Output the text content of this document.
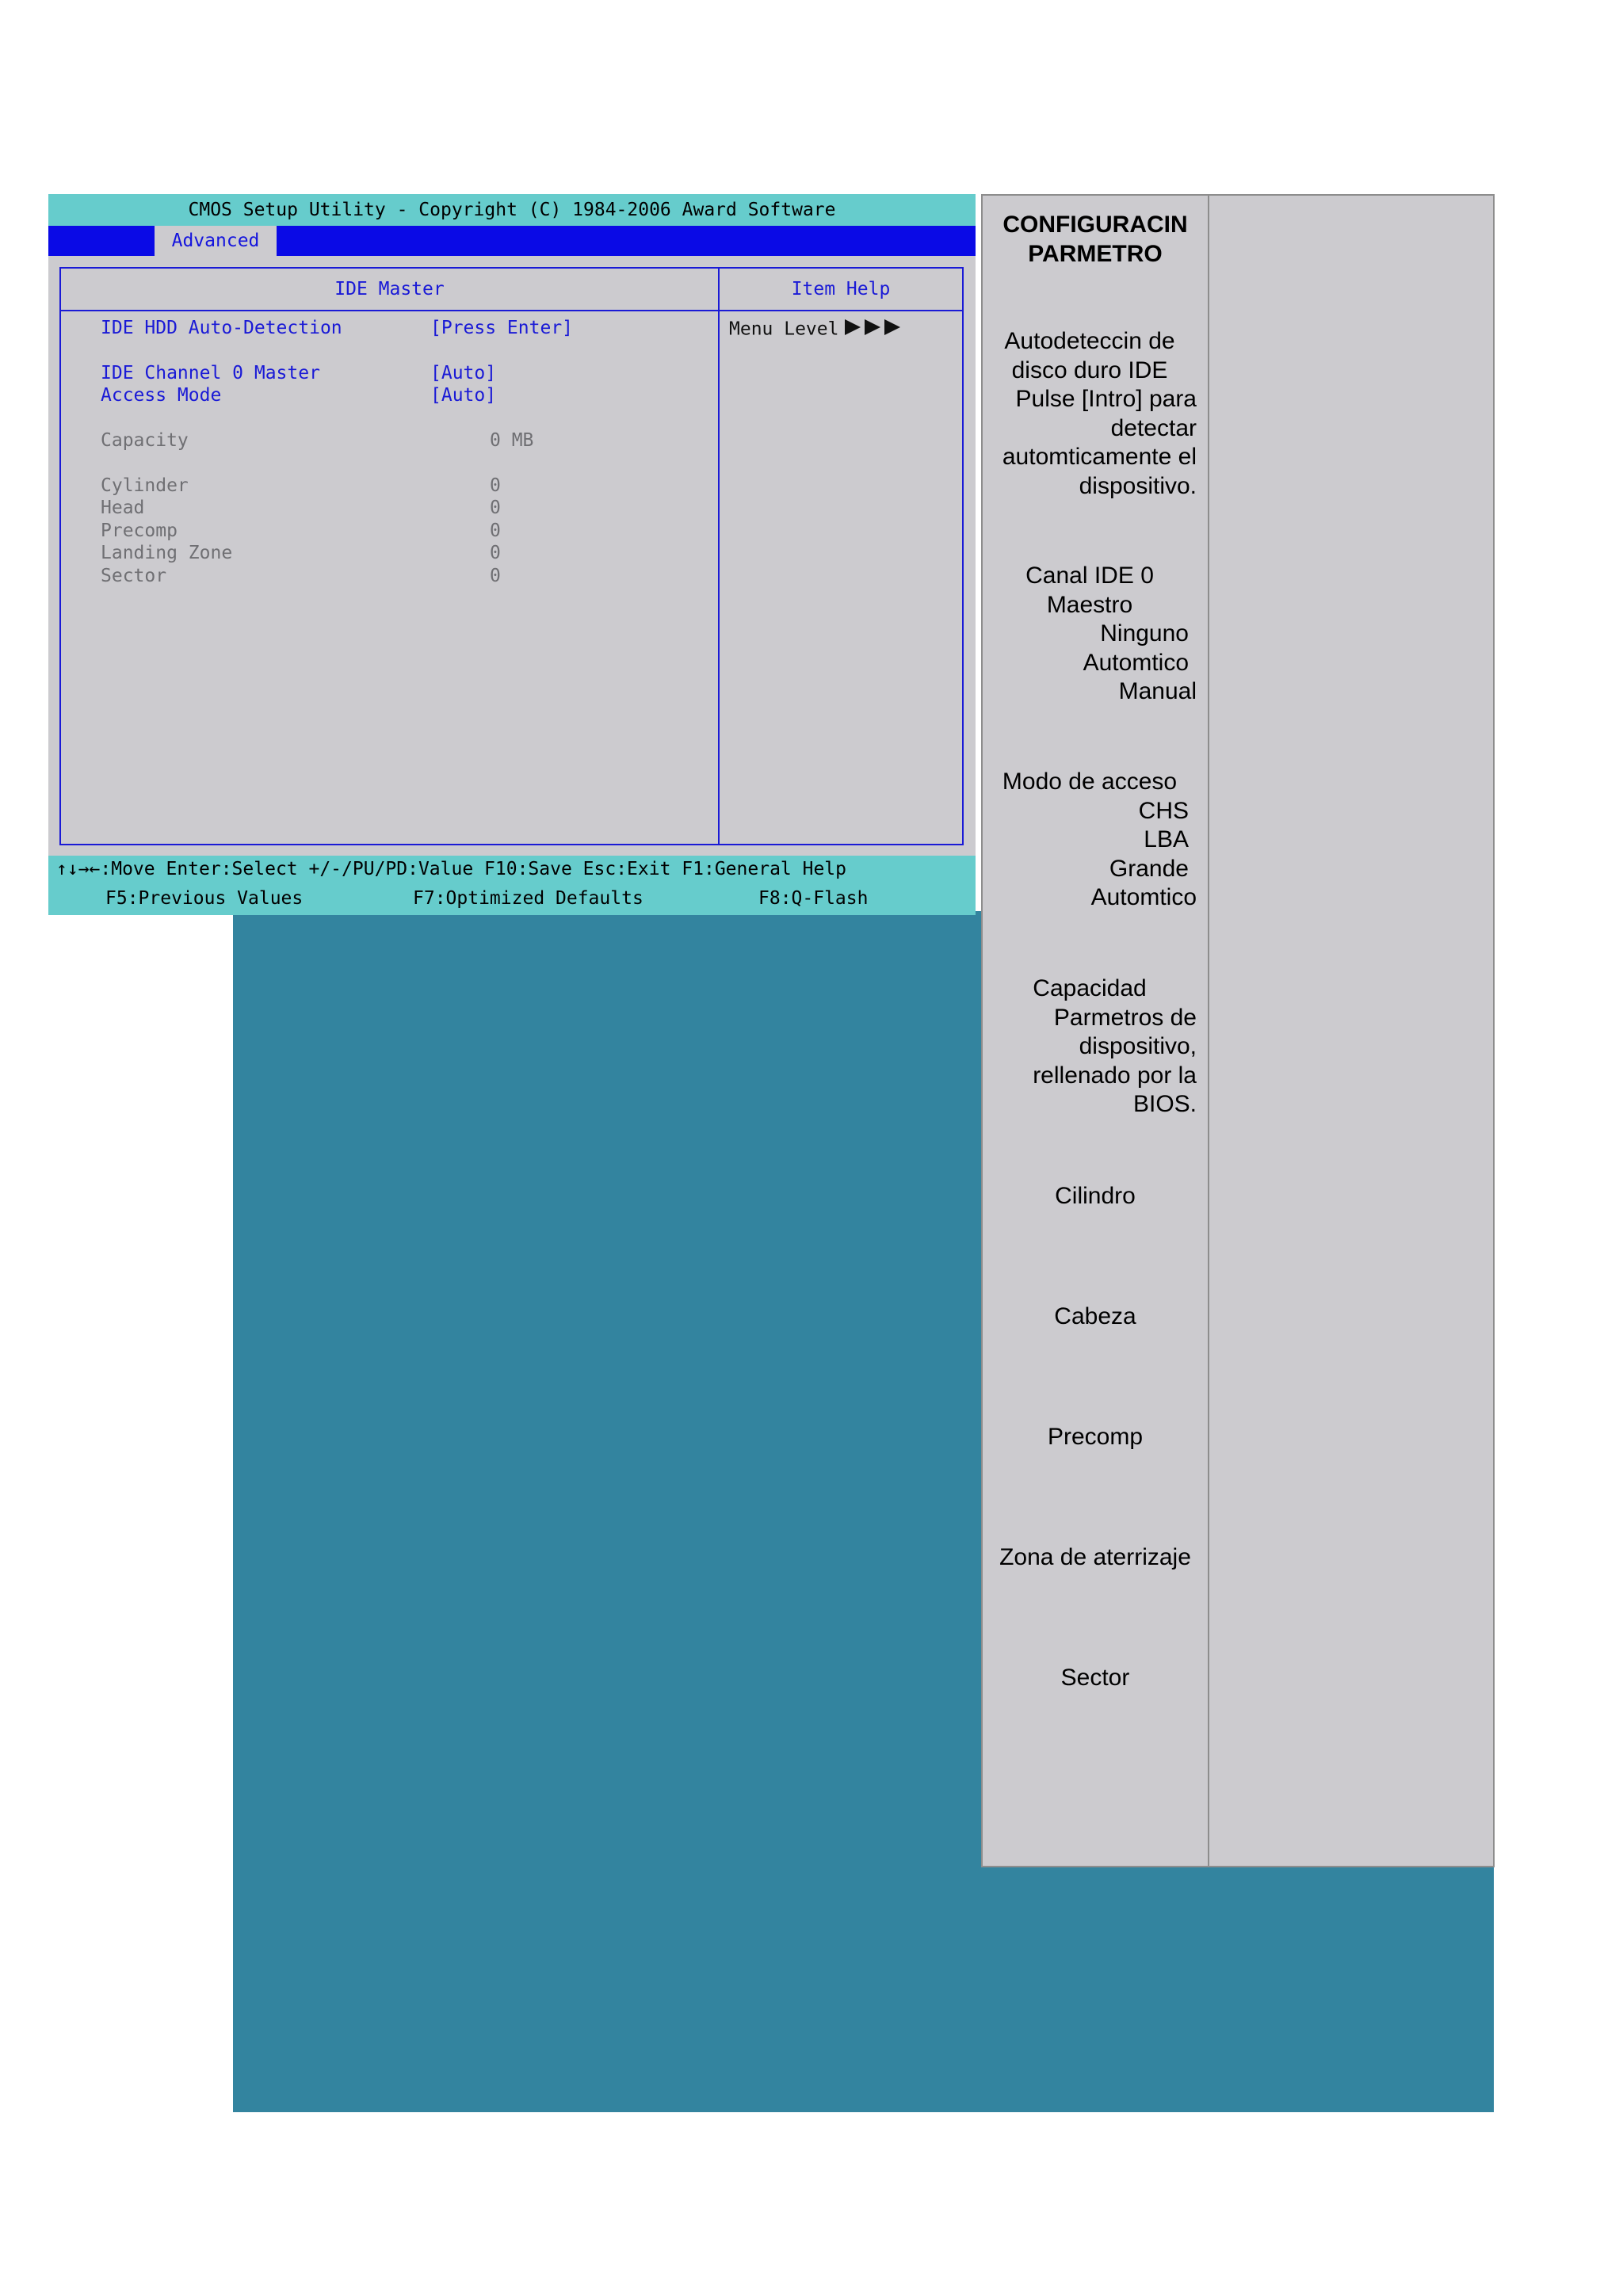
CMOS Setup Utility - Copyright (C) 1984-2006 Award Software
Advanced
IDE Master	Item Help
IDE HDD Auto-Detection	[Press Enter]
IDE Channel 0 Master	[Auto]
Access Mode	[Auto]
Capacity	0 MB
Cylinder	0
Head	0
Precomp	0
Landing Zone	0
Sector	0
Menu Level
↑↓→←:Move Enter:Select +/-/PU/PD:Value F10:Save Esc:Exit F1:General Help
F5:Previous Values	F7:Optimized Defaults	F8:Q-Flash
CONFIGURACIN
PARMETRO
Autodeteccin de
disco duro IDE
Pulse [Intro] para
detectar
automticamente el
dispositivo.
Canal IDE 0
Maestro
Ninguno
Automtico
Manual
Modo de acceso
CHS
LBA
Grande
Automtico
Capacidad
Parmetros de
dispositivo,
rellenado por la
BIOS.
Cilindro
Cabeza
Precomp
Zona de aterrizaje
Sector
